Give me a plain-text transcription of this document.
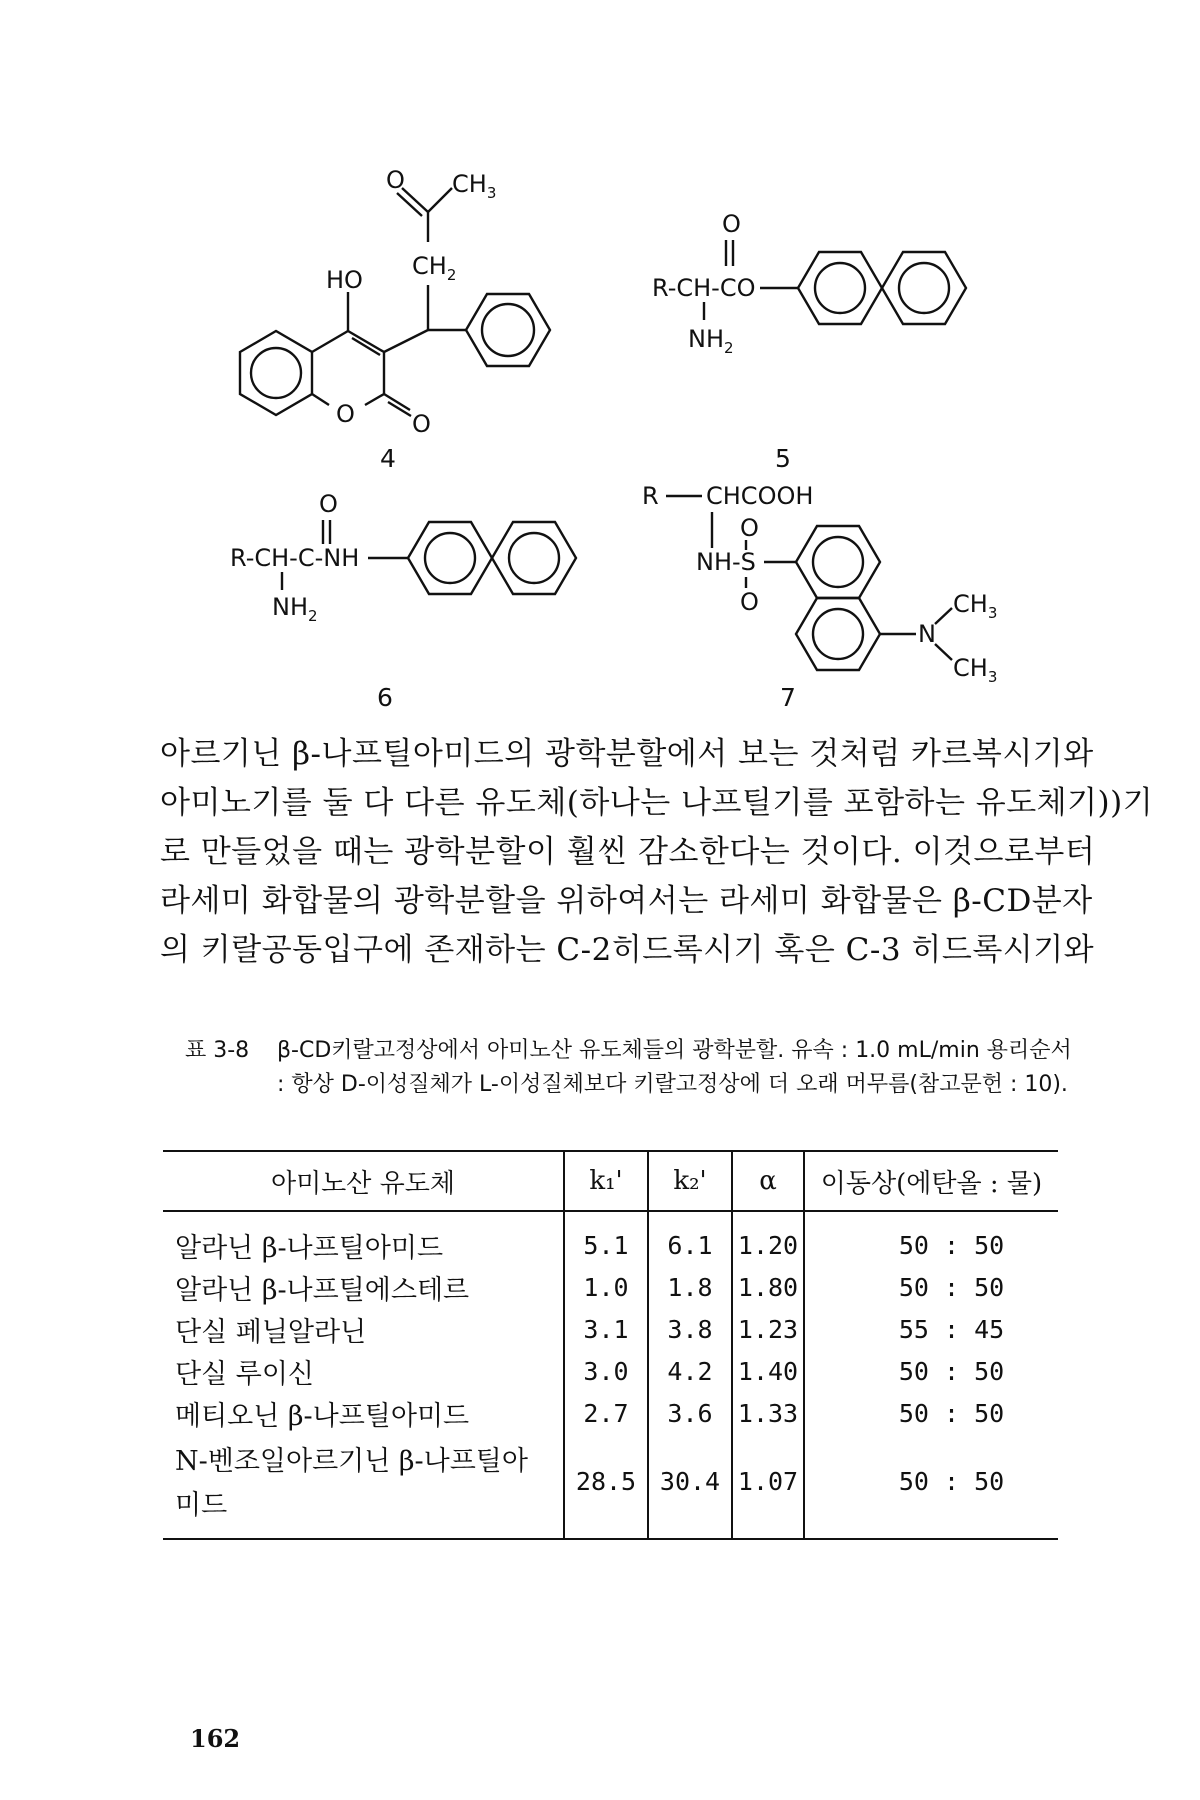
O $CH_3$
$CH_2$
HO
O O
4
O
R-CH-CO
$NH_2$
5
O
R-CH-C-NH
$NH_2$
6
R CHCOOH
O
NH-S
O
N
$CH_3$
$CH_3$
7

아르기닌 β-나프틸아미드의 광학분할에서 보는 것처럼 카르복시기와

아미노기를 둘 다 다른 유도체(하나는 나프틸기를 포함하는 유도체기))기

로 만들었을 때는 광학분할이 훨씬 감소한다는 것이다. 이것으로부터

라세미 화합물의 광학분할을 위하여서는 라세미 화합물은 β-CD분자

의 키랄공동입구에 존재하는 C-2히드록시기 혹은 C-3 히드록시기와

표 3-8 β-CD키랄고정상에서 아미노산 유도체들의 광학분할. 유속 : 1.0 mL/min 용리순서 : 항상 D-이성질체가 L-이성질체보다 키랄고정상에 더 오래 머무름(참고문헌 : 10).
아미노산 유도체	k₁'	k₂'	α	이동상(에탄올 : 물)
알라닌 β-나프틸아미드	5.1	6.1	1.20	50 : 50
알라닌 β-나프틸에스테르	1.0	1.8	1.80	50 : 50
단실 페닐알라닌	3.1	3.8	1.23	55 : 45
단실 루이신	3.0	4.2	1.40	50 : 50
메티오닌 β-나프틸아미드	2.7	3.6	1.33	50 : 50

N-벤조일아르기닌 β-나프틸아
미드	28.5	30.4	1.07	50 : 50
162
